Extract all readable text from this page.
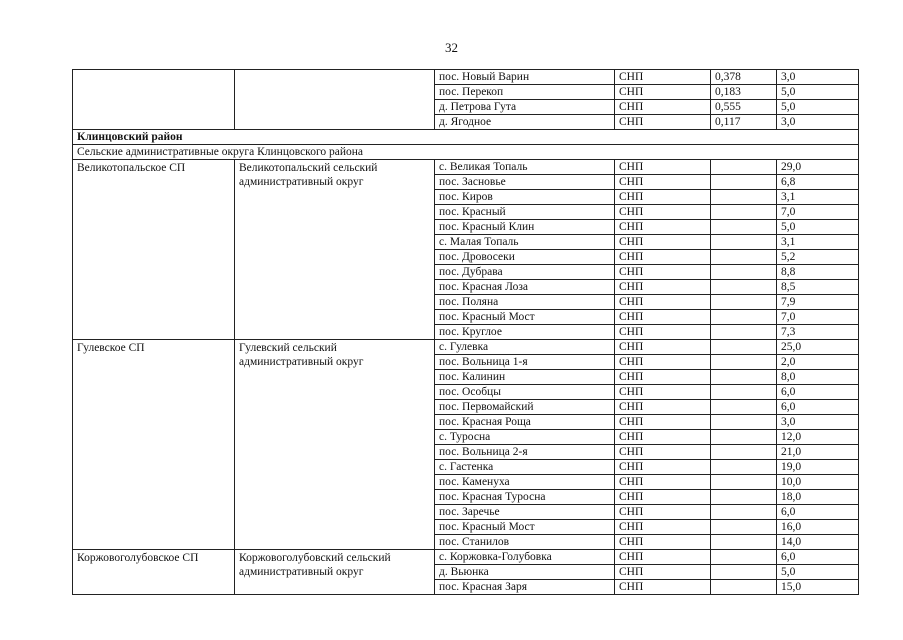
32
		пос. Новый Варин	СНП	0,378	3,0
		пос. Перекоп	СНП	0,183	5,0
		д. Петрова Гута	СНП	0,555	5,0
		д. Ягодное	СНП	0,117	3,0
Клинцовский район					
Сельские административные округа Клинцовского района					
Великотопальское СП	Великотопальский сельский административный округ	с. Великая Топаль	СНП		29,0
		пос. Засновье	СНП		6,8
		пос. Киров	СНП		3,1
		пос. Красный	СНП		7,0
		пос. Красный Клин	СНП		5,0
		с. Малая Топаль	СНП		3,1
		пос. Дровосеки	СНП		5,2
		пос. Дубрава	СНП		8,8
		пос. Красная Лоза	СНП		8,5
		пос. Поляна	СНП		7,9
		пос. Красный Мост	СНП		7,0
		пос. Круглое	СНП		7,3
Гулевское СП	Гулевский сельский административный округ	с. Гулевка	СНП		25,0
		пос. Вольница 1-я	СНП		2,0
		пос. Калинин	СНП		8,0
		пос. Особцы	СНП		6,0
		пос. Первомайский	СНП		6,0
		пос. Красная Роща	СНП		3,0
		с. Туросна	СНП		12,0
		пос. Вольница 2-я	СНП		21,0
		с. Гастенка	СНП		19,0
		пос. Каменуха	СНП		10,0
		пос. Красная Туросна	СНП		18,0
		пос. Заречье	СНП		6,0
		пос. Красный Мост	СНП		16,0
		пос. Станилов	СНП		14,0
Коржовоголубовское СП	Коржовоголубовский сельский административный округ	с. Коржовка-Голубовка	СНП		6,0
		д. Вьюнка	СНП		5,0
		пос. Красная Заря	СНП		15,0
